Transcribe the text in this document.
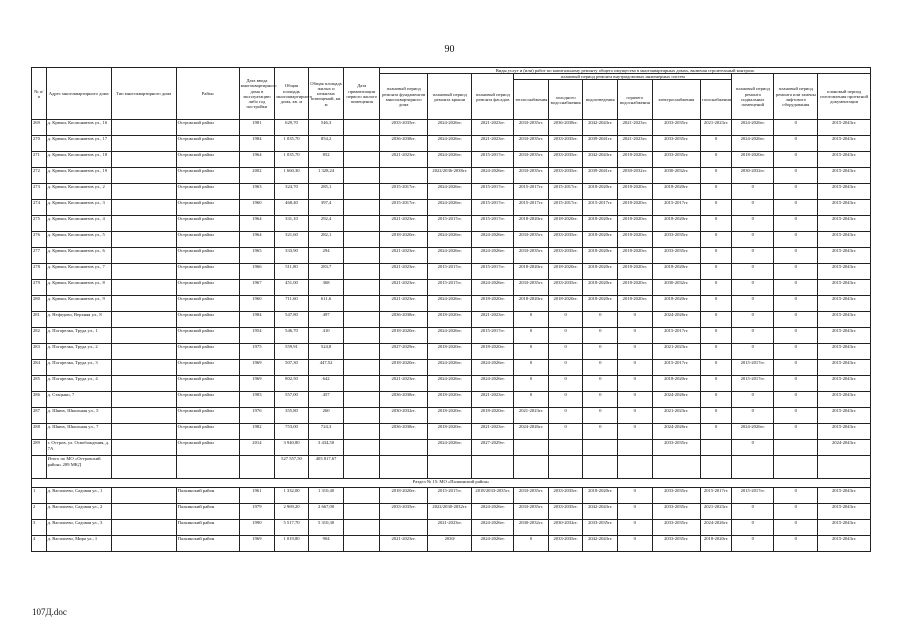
90
№ п/п	Адрес многоквартирного дома	Тип многоквартирного дома	Район	Дата ввода многоквартирного дома в эксплуатацию либо год постройки	Общая площадь многоквартирного дома, кв. м	Общая площадь жилых и нежилых помещений, кв. м	Дата приватизации первого жилого помещения	Виды услуг и (или) работ по капитальному ремонту общего имущества в многоквартирных домах, включая строительный контроль											
								плановый период ремонта фундаментов многоквартирного дома	плановый период ремонта крыши	плановый период ремонта фасадов	плановый период ремонта внутридомовых инженерных систем						плановый период ремонта подвальных помещений	плановый период ремонта или замены лифтового оборудования	плановый период изготовления проектной документации
											теплоснабжения	холодного водоснабжения	водоотведения	горячего водоснабжения	электроснабжения	газоснабжения			
269	д. Крюки, Космонавтов ул., 16		Островский район	1981	629,70	546,3		2033-2035гг.	2024-2026гг.	2021-2023гг.	2033-2035гг.	2036-2038гг.	2042-2043гг.	2021-2023гг.	2033-2035гг.	2021-2023гг.	2024-2026гг.	0	2015-2043гг.
270	д. Крюки, Космонавтов ул., 17		Островский район	1984	1 035,70	854,2		2036-2038гг.	2024-2026гг.	2021-2023гг.	2033-2035гг.	2033-2035гг.	2039-2041гг.	2021-2023гг.	2033-2035гг.	0	2024-2026гг.	0	2015-2043гг.
271	д. Крюки, Космонавтов ул., 18		Островский район	1964	1 035,70	852		2021-2023гг.	2024-2026гг.	2015-2017гг.	2033-2035гг.	2033-2035гг.	2042-2043гг.	2018-2020гг.	2033-2035гг.	0	2018-2020гг.	0	2015-2043гг.
272	д. Крюки, Космонавтов ул., 19		Островский район	2002	1 660,30	1 328,24			2022/2036-2038гг.	2024-2026гг.	2033-2035гг.	2033-2035гг.	2039-2041гг.	2030-2032гг.	2030-2032гг.	0	2030-2032гг.	0	2015-2043гг.
273	д. Крюки, Космонавтов ул., 2		Островский район	1963	324,70	285,1		2015-2017гг.	2024-2026гг.	2015-2017гг.	2015-2017гг.	2015-2017гг.	2018-2020гг.	2018-2020гг.	2018-2020гг.	0	0	0	2015-2043гг.
274	д. Крюки, Космонавтов ул., 3		Островский район	1960	468,40	397,4		2015-2017гг.	2024-2026гг.	2015-2017гг.	2015-2017гг.	2015-2017гг.	2015-2017гг.	2018-2020гг.	2015-2017гг.	0	0	0	2015-2043гг.
275	д. Крюки, Космонавтов ул., 4		Островский район	1964	331,10	292,4		2021-2023гг.	2015-2017гг.	2015-2017гг.	2018-2020гг.	2018-2020гг.	2018-2020гг.	2018-2020гг.	2018-2020гг.	0	0	0	2015-2043гг.
276	д. Крюки, Космонавтов ул., 5		Островский район	1964	321,60	282,1		2018-2020гг.	2024-2026гг.	2024-2026гг.	2033-2035гг.	2033-2035гг.	2018-2020гг.	2018-2020гг.	2033-2035гг.	0	0	0	2015-2043гг.
277	д. Крюки, Космонавтов ул., 6		Островский район	1965	333,90	294		2021-2023гг.	2024-2026гг.	2024-2026гг.	2033-2035гг.	2033-2035гг.	2018-2020гг.	2018-2020гг.	2033-2035гг.	0	0	0	2015-2043гг.
278	д. Крюки, Космонавтов ул., 7		Островский район	1966	511,80	283,7		2021-2023гг.	2015-2017гг.	2015-2017гг.	2018-2020гг.	2018-2020гг.	2018-2020гг.	2018-2020гг.	2018-2020гг.	0	0	0	2015-2043гг.
279	д. Крюки, Космонавтов ул., 8		Островский район	1967	451,00	368		2021-2023гг.	2015-2017гг.	2024-2026гг.	2033-2035гг.	2033-2035гг.	2018-2020гг.	2018-2020гг.	2030-2032гг.	0	0	0	2015-2043гг.
280	д. Крюки, Космонавтов ул., 9		Островский район	1960	711,60	611,6		2021-2023гг.	2024-2026гг.	2018-2020гг.	2018-2020гг.	2018-2020гг.	2018-2020гг.	2018-2020гг.	2018-2020гг.	0	0	0	2015-2043гг.
281	д. Нефедово, Верхняя ул., 8		Островский район	1984	547,80	497		2036-2038гг.	2018-2020гг.	2021-2023гг.	0	0	0	0	2024-2026гг.	0	0	0	2015-2043гг.
282	д. Погорелка, Труда ул., 1		Островский район	1954	546,70	410		2018-2020гг.	2024-2026гг.	2015-2017гг.	0	0	0	0	2015-2017гг.	0	0	0	2015-2043гг.
283	д. Погорелка, Труда ул., 2		Островский район	1975	559,91	524,8		2027-2029гг.	2018-2020гг.	2018-2020гг.	0	0	0	0	2021-2023гг.	0	0	0	2015-2043гг.
284	д. Погорелка, Труда ул., 3		Островский район	1969	507,30	447,52		2018-2020гг.	2024-2026гг.	2024-2026гг.	0	0	0	0	2015-2017гг.	0	2015-2017гг.	0	2015-2043гг.
285	д. Погорелка, Труда ул., 4		Островский район	1969	802,50	642		2021-2023гг.	2024-2026гг.	2024-2026гг.	0	0	0	0	2018-2020гг.	0	2015-2017гг.	0	2015-2043гг.
286	д. Стацыно, 7		Островский район	1983	557,00	457		2036-2038гг.	2018-2020гг.	2021-2023гг.	0	0	0	0	2024-2026гг.	0	0	0	2015-2043гг.
287	д. Шнюх, Школьная ул., 5		Островский район	1976	355,80	260		2030-2032гг.	2018-2020гг.	2018-2020гг.	2021-2023гг.	0	0	0	2021-2023гг.	0	0	0	2015-2043гг.
288	д. Шнюх, Школьная ул., 7		Островский район	1982	753,00	724,3		2036-2038гг.	2018-2020гг.	2021-2023гг.	2024-2026гг.	0	0	0	2024-2026гг.	0	2024-2026гг.	0	2015-2043гг.
289	г. Остров, ул. Освобождения, д. 7А		Островский район	2014	3 940,80	3 434,50			2024-2026гг.	2027-2029гг.					2033-2035гг.		0		2024-2043гг.
	Итого по МО «Островский район» 289 МКД				527 557,50	405 817,67													
Раздел № 15: МО «Палкинский район»																			
1	д. Васильево, Садовая ул., 1		Палкинский район	1961	1 332,00	1 310,40		2018-2020гг.	2015-2017гг.	2018/2033-2035гг.	2033-2035гг.	2033-2035гг.	2018-2020гг.	0	2033-2035гг.	2015-2017гг.	2015-2017гг.	0	2015-2043гг.
2	д. Васильево, Садовая ул., 2		Палкинский район	1979	2 969,20	2 667,00		2033-2035гг.	2022/2030-2032гг.	2024-2026гг.	2033-2035гг.	2033-2035гг.	2042-2043гг.	0	2033-2035гг.	2021-2023гг.	0	0	2015-2043гг.
3	д. Васильево, Садовая ул., 3		Палкинский район	1990	5 517,70	5 310,30			2021-2023гг.	2024-2026гг.	2030-2032гг.	2030-2032гг.	2033-2035гг.	0	2033-2035гг.	2024-2026гг.	0	0	2015-2043гг.
4	д. Васильево, Мира ул., 1		Палкинский район	1969	1 019,80	904		2021-2023гг.	2030/	2024-2026гг.	0	2033-2035гг.	2042-2043гг.	0	2033-2035гг.	2018-2020гг.	0	0	2015-2043гг.
107Д.doc
